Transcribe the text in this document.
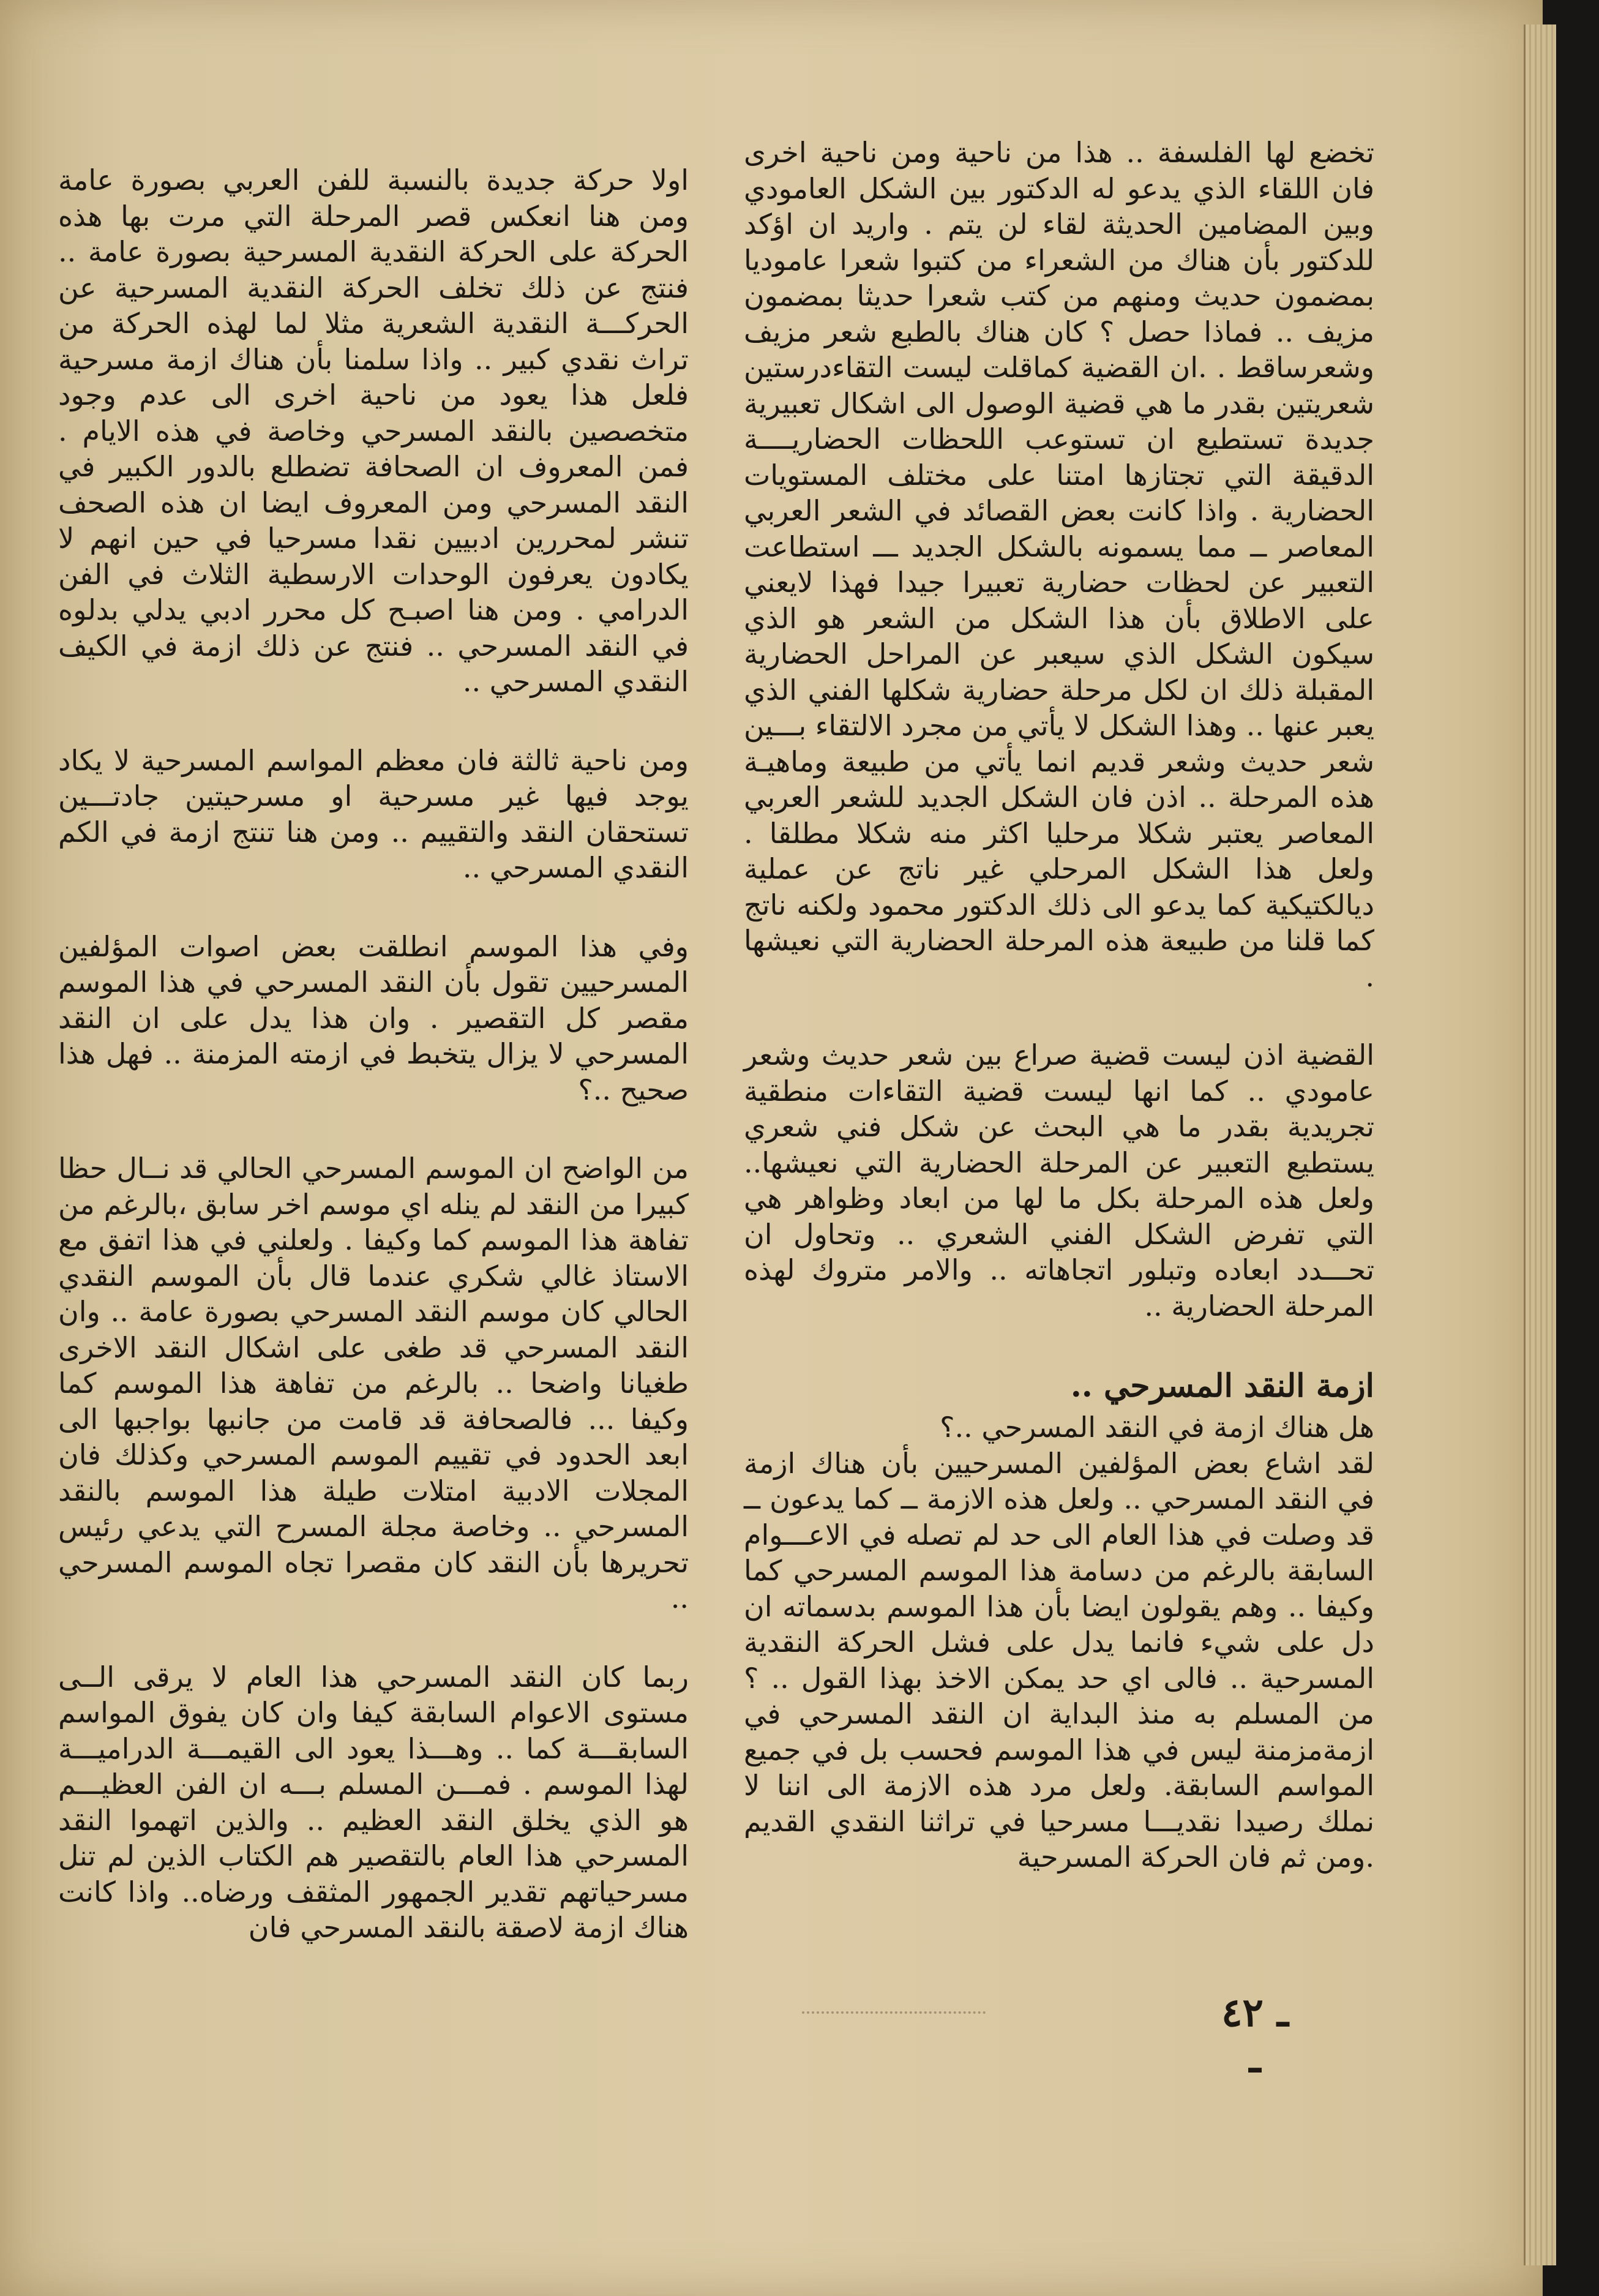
تخضع لها الفلسفة .. هذا من ناحية ومن ناحية اخرى فان اللقاء الذي يدعو له الدكتور بين الشكل العامودي وبين المضامين الحديثة لقاء لن يتم . واريد ان اؤكد للدكتور بأن هناك من الشعراء من كتبوا شعرا عاموديا بمضمون حديث ومنهم من كتب شعرا حديثا بمضمون مزيف .. فماذا حصل ؟ كان هناك بالطبع شعر مزيف وشعرساقط . .ان القضية كماقلت ليست التقاءدرستين شعريتين بقدر ما هي قضية الوصول الى اشكال تعبيرية جديدة تستطيع ان تستوعب اللحظات الحضاريــــة الدقيقة التي تجتازها امتنا على مختلف المستويات الحضارية . واذا كانت بعض القصائد في الشعر العربي المعاصر ــ مما يسمونه بالشكل الجديد ـــ استطاعت التعبير عن لحظات حضارية تعبيرا جيدا فهذا لايعني على الاطلاق بأن هذا الشكل من الشعر هو الذي سيكون الشكل الذي سيعبر عن المراحل الحضارية المقبلة ذلك ان لكل مرحلة حضارية شكلها الفني الذي يعبر عنها .. وهذا الشكل لا يأتي من مجرد الالتقاء بـــين شعر حديث وشعر قديم انما يأتي من طبيعة وماهيـة هذه المرحلة .. اذن فان الشكل الجديد للشعر العربي المعاصر يعتبر شكلا مرحليا اكثر منه شكلا مطلقا . ولعل هذا الشكل المرحلي غير ناتج عن عملية ديالكتيكية كما يدعو الى ذلك الدكتور محمود ولكنه ناتج كما قلنا من طبيعة هذه المرحلة الحضارية التي نعيشها .

القضية اذن ليست قضية صراع بين شعر حديث وشعر عامودي .. كما انها ليست قضية التقاءات منطقية تجريدية بقدر ما هي البحث عن شكل فني شعري يستطيع التعبير عن المرحلة الحضارية التي نعيشها.. ولعل هذه المرحلة بكل ما لها من ابعاد وظواهر هي التي تفرض الشكل الفني الشعري .. وتحاول ان تحـــدد ابعاده وتبلور اتجاهاته .. والامر متروك لهذه المرحلة الحضارية ..

ازمة النقد المسرحي ..

هل هناك ازمة في النقد المسرحي ..؟

لقد اشاع بعض المؤلفين المسرحيين بأن هناك ازمة في النقد المسرحي .. ولعل هذه الازمة ــ كما يدعون ــ قد وصلت في هذا العام الى حد لم تصله في الاعـــوام السابقة بالرغم من دسامة هذا الموسم المسرحي كما وكيفا .. وهم يقولون ايضا بأن هذا الموسم بدسماته ان دل على شيء فانما يدل على فشل الحركة النقدية المسرحية .. فالى اي حد يمكن الاخذ بهذا القول .. ؟ من المسلم به منذ البداية ان النقد المسرحي في ازمةمزمنة ليس في هذا الموسم فحسب بل في جميع المواسم السابقة. ولعل مرد هذه الازمة الى اننا لا نملك رصيدا نقديـــا مسرحيا في تراثنا النقدي القديم .ومن ثم فان الحركة المسرحية

اولا حركة جديدة بالنسبة للفن العربي بصورة عامة ومن هنا انعكس قصر المرحلة التي مرت بها هذه الحركة على الحركة النقدية المسرحية بصورة عامة .. فنتج عن ذلك تخلف الحركة النقدية المسرحية عن الحركـــة النقدية الشعرية مثلا لما لهذه الحركة من تراث نقدي كبير .. واذا سلمنا بأن هناك ازمة مسرحية فلعل هذا يعود من ناحية اخرى الى عدم وجود متخصصين بالنقد المسرحي وخاصة في هذه الايام . فمن المعروف ان الصحافة تضطلع بالدور الكبير في النقد المسرحي ومن المعروف ايضا ان هذه الصحف تنشر لمحررين ادبيين نقدا مسرحيا في حين انهم لا يكادون يعرفون الوحدات الارسطية الثلاث في الفن الدرامي . ومن هنا اصبـح كل محرر ادبي يدلي بدلوه في النقد المسرحي .. فنتج عن ذلك ازمة في الكيف النقدي المسرحي ..

ومن ناحية ثالثة فان معظم المواسم المسرحية لا يكاد يوجد فيها غير مسرحية او مسرحيتين جادتـــين تستحقان النقد والتقييم .. ومن هنا تنتج ازمة في الكم النقدي المسرحي ..

وفي هذا الموسم انطلقت بعض اصوات المؤلفين المسرحيين تقول بأن النقد المسرحي في هذا الموسم مقصر كل التقصير . وان هذا يدل على ان النقد المسرحي لا يزال يتخبط في ازمته المزمنة .. فهل هذا صحيح ..؟

من الواضح ان الموسم المسرحي الحالي قد نــال حظا كبيرا من النقد لم ينله اي موسم اخر سابق ،بالرغم من تفاهة هذا الموسم كما وكيفا . ولعلني في هذا اتفق مع الاستاذ غالي شكري عندما قال بأن الموسم النقدي الحالي كان موسم النقد المسرحي بصورة عامة .. وان النقد المسرحي قد طغى على اشكال النقد الاخرى طغيانا واضحا .. بالرغم من تفاهة هذا الموسم كما وكيفا ... فالصحافة قد قامت من جانبها بواجبها الى ابعد الحدود في تقييم الموسم المسرحي وكذلك فان المجلات الادبية امتلات طيلة هذا الموسم بالنقد المسرحي .. وخاصة مجلة المسرح التي يدعي رئيس تحريرها بأن النقد كان مقصرا تجاه الموسم المسرحي ..

ربما كان النقد المسرحي هذا العام لا يرقى الــى مستوى الاعوام السابقة كيفا وان كان يفوق المواسم السابقـــة كما .. وهـــذا يعود الى القيمـــة الدراميـــة لهذا الموسم . فمـــن المسلم بـــه ان الفن العظيـــم هو الذي يخلق النقد العظيم .. والذين اتهموا النقد المسرحي هذا العام بالتقصير هم الكتاب الذين لم تنل مسرحياتهم تقدير الجمهور المثقف ورضاه.. واذا كانت هناك ازمة لاصقة بالنقد المسرحي فان

ـ ٤٢ ـ
